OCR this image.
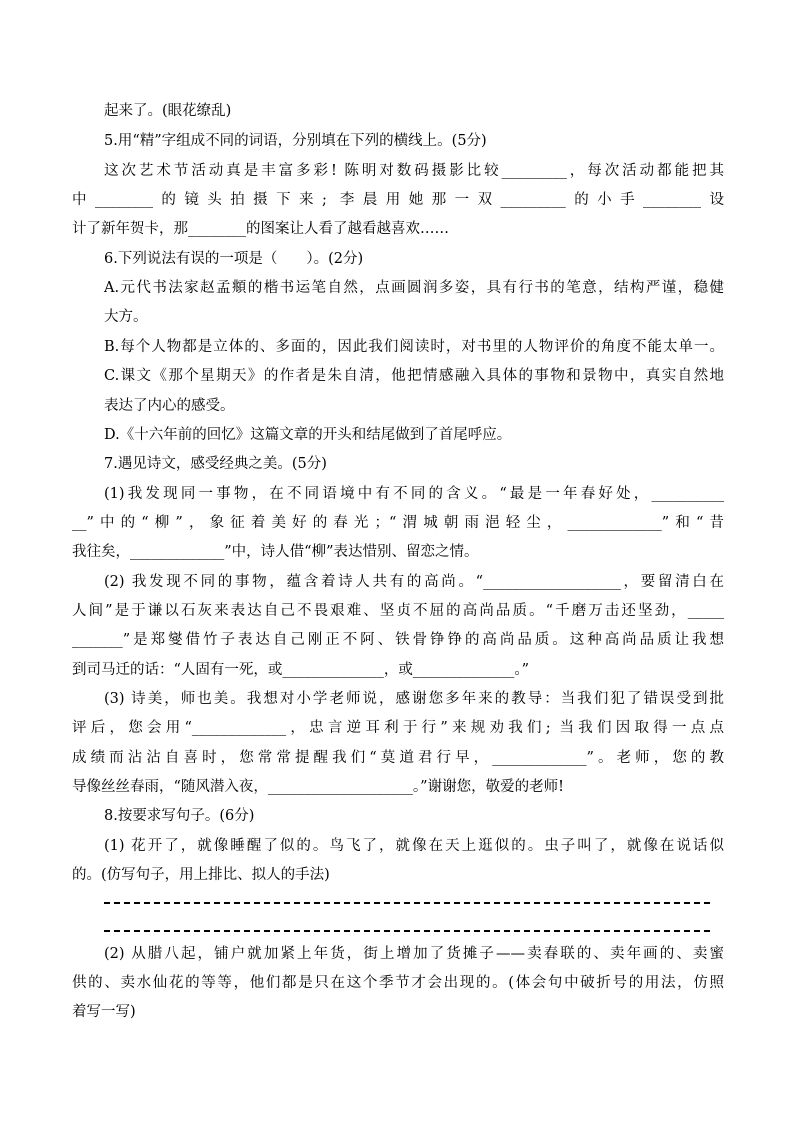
起来了。(眼花缭乱)
5.用“精”字组成不同的词语，分别填在下列的横线上。(5分)
这次艺术节活动真是丰富多彩! 陈明对数码摄影比较_________，每次活动都能把其
中________的镜头拍摄下来; 李晨用她那一双_________的小手________设
计了新年贺卡，那________的图案让人看了越看越喜欢……
6.下列说法有误的一项是（　　）。(2分)
A.元代书法家赵孟頫的楷书运笔自然，点画圆润多姿，具有行书的笔意，结构严谨，稳健
大方。
B.每个人物都是立体的、多面的，因此我们阅读时，对书里的人物评价的角度不能太单一。
C.课文《那个星期天》的作者是朱自清，他把情感融入具体的事物和景物中，真实自然地
表达了内心的感受。
D.《十六年前的回忆》这篇文章的开头和结尾做到了首尾呼应。
7.遇见诗文，感受经典之美。(5分)
(1)我发现同一事物，在不同语境中有不同的含义。“最是一年春好处，__________
__”中的“柳”，象征着美好的春光；“渭城朝雨浥轻尘，_____________”和“昔
我往矣，_____________”中，诗人借“柳”表达惜别、留恋之情。
(2) 我发现不同的事物，蕴含着诗人共有的高尚。“___________________，要留清白在
人间”是于谦以石灰来表达自己不畏艰难、坚贞不屈的高尚品质。“千磨万击还坚劲，_____
_______”是郑燮借竹子表达自己刚正不阿、铁骨铮铮的高尚品质。这种高尚品质让我想
到司马迁的话：“人固有一死，或______________，或______________。”
(3) 诗美，师也美。我想对小学老师说，感谢您多年来的教导：当我们犯了错误受到批
评后，您会用“_____________，忠言逆耳利于行”来规劝我们; 当我们因取得一点点
成绩而沾沾自喜时，您常常提醒我们“莫道君行早，_____________”。老师，您的教
导像丝丝春雨，“随风潜入夜，____________________。”谢谢您，敬爱的老师!
8.按要求写句子。(6分)
(1) 花开了，就像睡醒了似的。鸟飞了，就像在天上逛似的。虫子叫了，就像在说话似
的。(仿写句子，用上排比、拟人的手法)
(2) 从腊八起，铺户就加紧上年货，街上增加了货摊子——卖春联的、卖年画的、卖蜜
供的、卖水仙花的等等，他们都是只在这个季节才会出现的。(体会句中破折号的用法，仿照
着写一写)
